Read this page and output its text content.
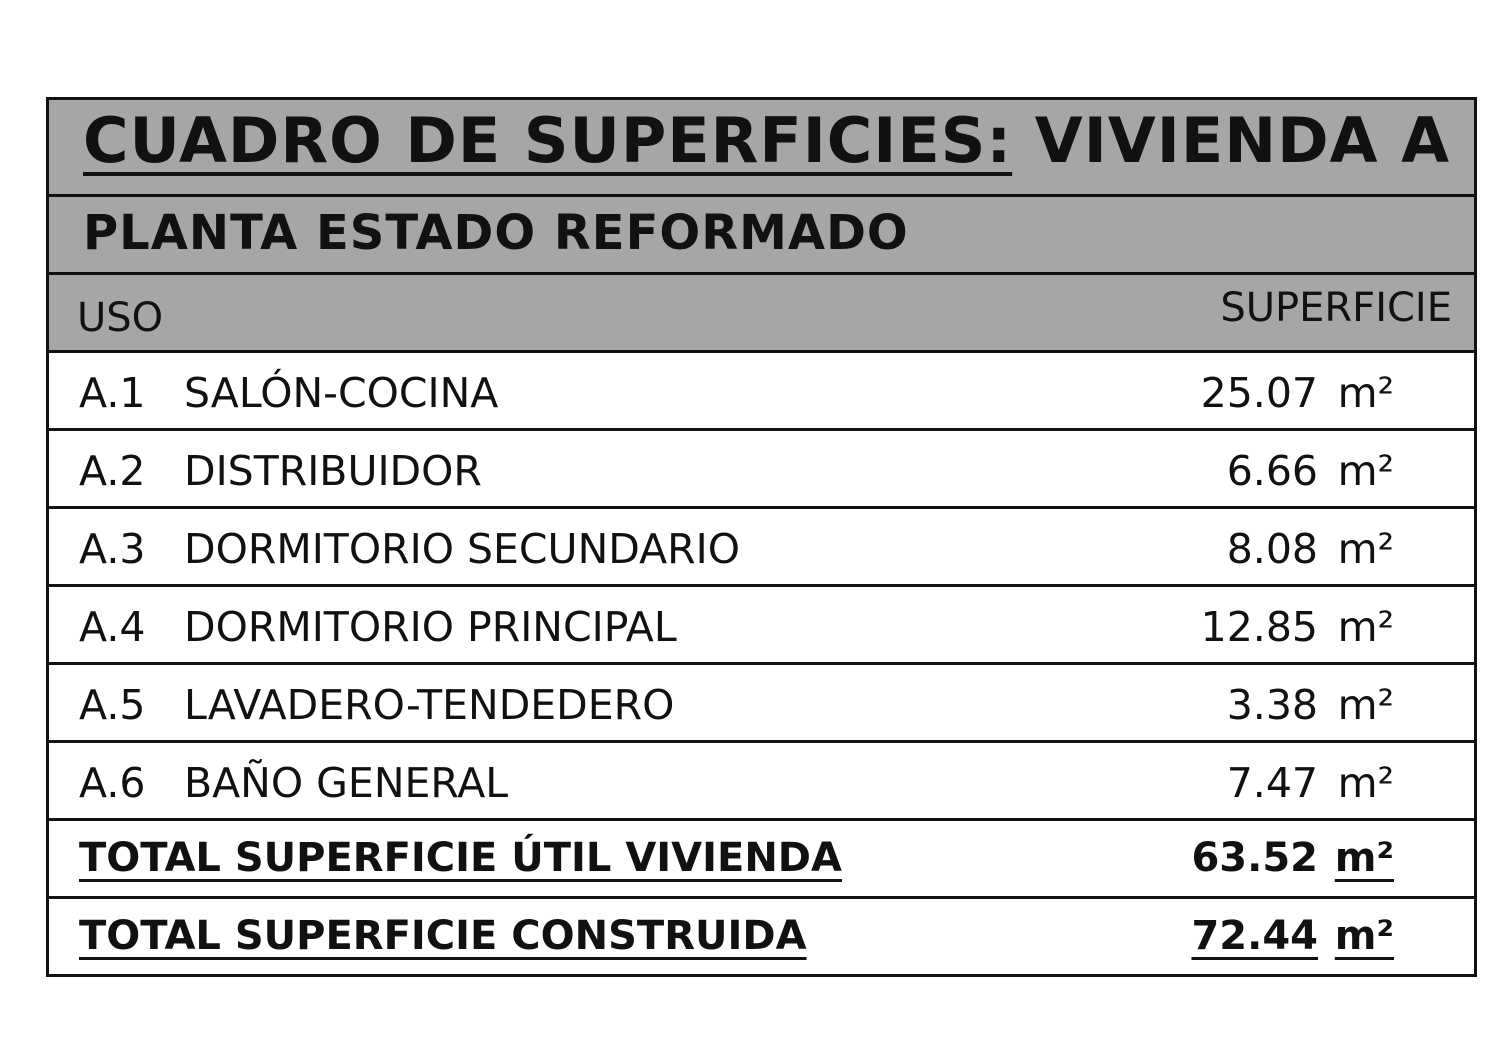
CUADRO DE SUPERFICIES: VIVIENDA A
PLANTA ESTADO REFORMADO
USO	SUPERFICIE
A.1 SALÓN-COCINA	25.07 m²
A.2 DISTRIBUIDOR	6.66 m²
A.3 DORMITORIO SECUNDARIO	8.08 m²
A.4 DORMITORIO PRINCIPAL	12.85 m²
A.5 LAVADERO-TENDEDERO	3.38 m²
A.6 BAÑO GENERAL	7.47 m²
TOTAL SUPERFICIE ÚTIL VIVIENDA	63.52 m²
TOTAL SUPERFICIE CONSTRUIDA	72.44 m²
